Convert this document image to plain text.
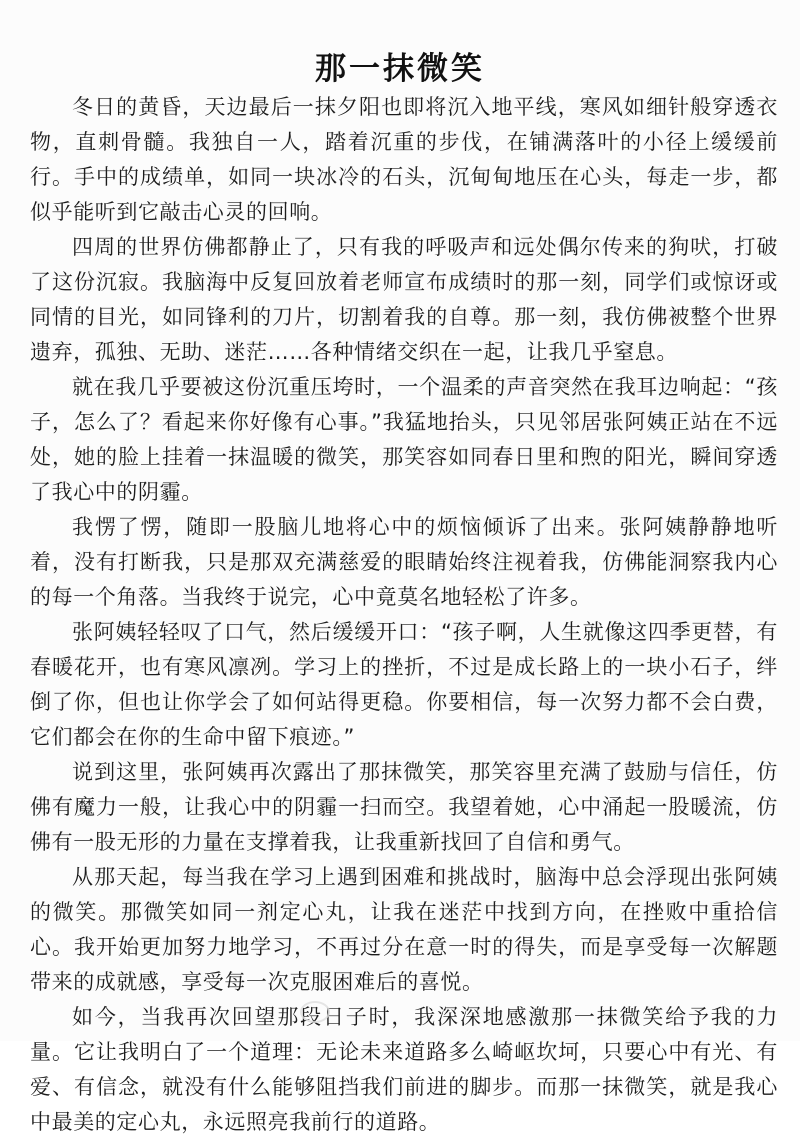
那一抹微笑

冬日的黄昏，天边最后一抹夕阳也即将沉入地平线，寒风如细针般穿透衣物，直刺骨髓。我独自一人，踏着沉重的步伐，在铺满落叶的小径上缓缓前行。手中的成绩单，如同一块冰冷的石头，沉甸甸地压在心头，每走一步，都似乎能听到它敲击心灵的回响。

四周的世界仿佛都静止了，只有我的呼吸声和远处偶尔传来的狗吠，打破了这份沉寂。我脑海中反复回放着老师宣布成绩时的那一刻，同学们或惊讶或同情的目光，如同锋利的刀片，切割着我的自尊。那一刻，我仿佛被整个世界遗弃，孤独、无助、迷茫……各种情绪交织在一起，让我几乎窒息。

就在我几乎要被这份沉重压垮时，一个温柔的声音突然在我耳边响起：“孩子，怎么了？看起来你好像有心事。”我猛地抬头，只见邻居张阿姨正站在不远处，她的脸上挂着一抹温暖的微笑，那笑容如同春日里和煦的阳光，瞬间穿透了我心中的阴霾。

我愣了愣，随即一股脑儿地将心中的烦恼倾诉了出来。张阿姨静静地听着，没有打断我，只是那双充满慈爱的眼睛始终注视着我，仿佛能洞察我内心的每一个角落。当我终于说完，心中竟莫名地轻松了许多。

张阿姨轻轻叹了口气，然后缓缓开口：“孩子啊，人生就像这四季更替，有春暖花开，也有寒风凛冽。学习上的挫折，不过是成长路上的一块小石子，绊倒了你，但也让你学会了如何站得更稳。你要相信，每一次努力都不会白费，它们都会在你的生命中留下痕迹。”

说到这里，张阿姨再次露出了那抹微笑，那笑容里充满了鼓励与信任，仿佛有魔力一般，让我心中的阴霾一扫而空。我望着她，心中涌起一股暖流，仿佛有一股无形的力量在支撑着我，让我重新找回了自信和勇气。

从那天起，每当我在学习上遇到困难和挑战时，脑海中总会浮现出张阿姨的微笑。那微笑如同一剂定心丸，让我在迷茫中找到方向，在挫败中重拾信心。我开始更加努力地学习，不再过分在意一时的得失，而是享受每一次解题带来的成就感，享受每一次克服困难后的喜悦。

如今，当我再次回望那段日子时，我深深地感激那一抹微笑给予我的力量。它让我明白了一个道理：无论未来道路多么崎岖坎坷，只要心中有光、有爱、有信念，就没有什么能够阻挡我们前进的脚步。而那一抹微笑，就是我心中最美的定心丸，永远照亮我前行的道路。
